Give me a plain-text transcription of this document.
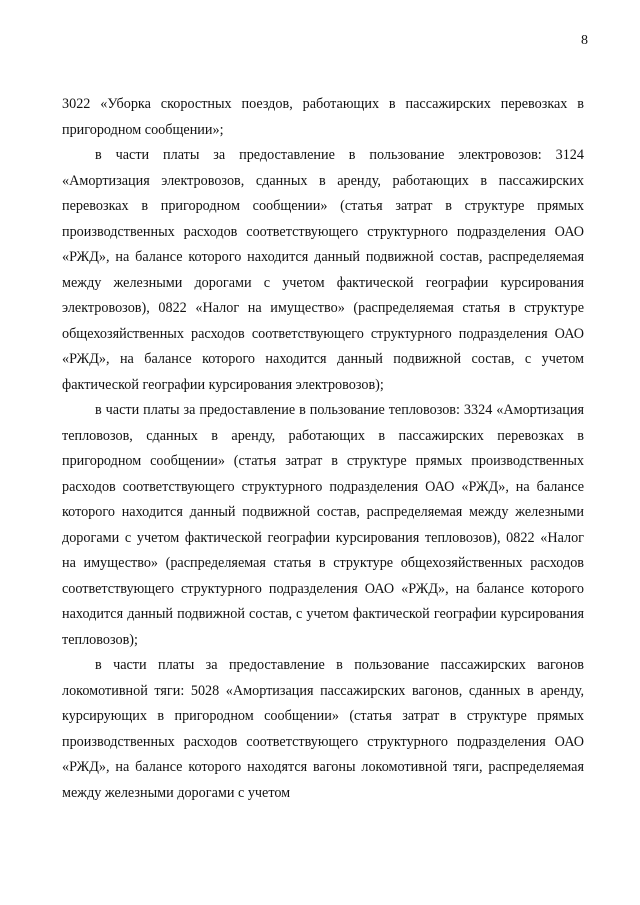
8

3022 «Уборка скоростных поездов, работающих в пассажирских перевозках в пригородном сообщении»;

в части платы за предоставление в пользование электровозов: 3124 «Амортизация электровозов, сданных в аренду, работающих в пассажирских перевозках в пригородном сообщении» (статья затрат в структуре прямых производственных расходов соответствующего структурного подразделения ОАО «РЖД», на балансе которого находится данный подвижной состав, распределяемая между железными дорогами с учетом фактической географии курсирования электровозов), 0822 «Налог на имущество» (распределяемая статья в структуре общехозяйственных расходов соответствующего структурного подразделения ОАО «РЖД», на балансе которого находится данный подвижной состав, с учетом фактической географии курсирования электровозов);

в части платы за предоставление в пользование тепловозов: 3324 «Амортизация тепловозов, сданных в аренду, работающих в пассажирских перевозках в пригородном сообщении» (статья затрат в структуре прямых производственных расходов соответствующего структурного подразделения ОАО «РЖД», на балансе которого находится данный подвижной состав, распределяемая между железными дорогами с учетом фактической географии курсирования тепловозов), 0822 «Налог на имущество» (распределяемая статья в структуре общехозяйственных расходов соответствующего структурного подразделения ОАО «РЖД», на балансе которого находится данный подвижной состав, с учетом фактической географии курсирования тепловозов);

в части платы за предоставление в пользование пассажирских вагонов локомотивной тяги: 5028 «Амортизация пассажирских вагонов, сданных в аренду, курсирующих в пригородном сообщении» (статья затрат в структуре прямых производственных расходов соответствующего структурного подразделения ОАО «РЖД», на балансе которого находятся вагоны локомотивной тяги, распределяемая между железными дорогами с учетом
